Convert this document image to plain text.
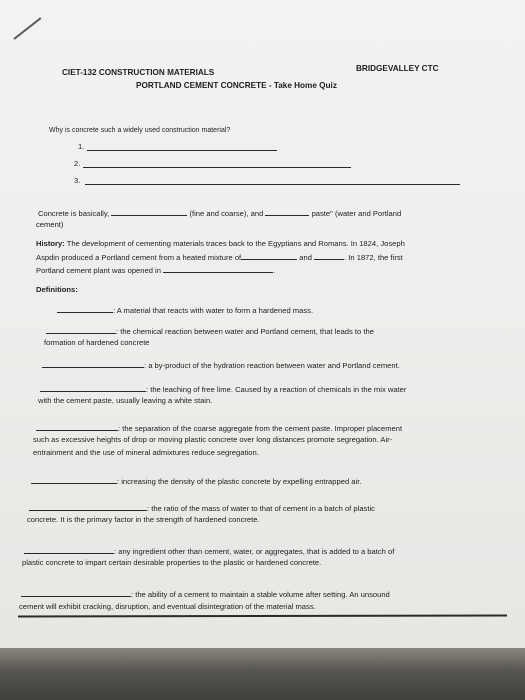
CIET-132 CONSTRUCTION MATERIALS	BRIDGEVALLEY CTC
PORTLAND CEMENT CONCRETE - Take Home Quiz
Why is concrete such a widely used construction material?
1.
2.
3.
Concrete is basically,	(fine and coarse), and	paste" (water and Portland
cement)
History: The development of cementing materials traces back to the Egyptians and Romans. In 1824, Joseph
Aspdin produced a Portland cement from a heated mixture of	and	. In 1872, the first
Portland cement plant was opened in	.
Definitions:
: A material that reacts with water to form a hardened mass.
: the chemical reaction between water and Portland cement, that leads to the
formation of hardened concrete
: a by-product of the hydration reaction between water and Portland cement.
: the leaching of free lime. Caused by a reaction of chemicals in the mix water
with the cement paste, usually leaving a white stain.
: the separation of the coarse aggregate from the cement paste. Improper placement
such as excessive heights of drop or moving plastic concrete over long distances promote segregation. Air-
entrainment and the use of mineral admixtures reduce segregation.
: increasing the density of the plastic concrete by expelling entrapped air.
: the ratio of the mass of water to that of cement in a batch of plastic
concrete. It is the primary factor in the strength of hardened concrete.
: any ingredient other than cement, water, or aggregates, that is added to a batch of
plastic concrete to impart certain desirable properties to the plastic or hardened concrete.
: the ability of a cement to maintain a stable volume after setting. An unsound
cement will exhibit cracking, disruption, and eventual disintegration of the material mass.
